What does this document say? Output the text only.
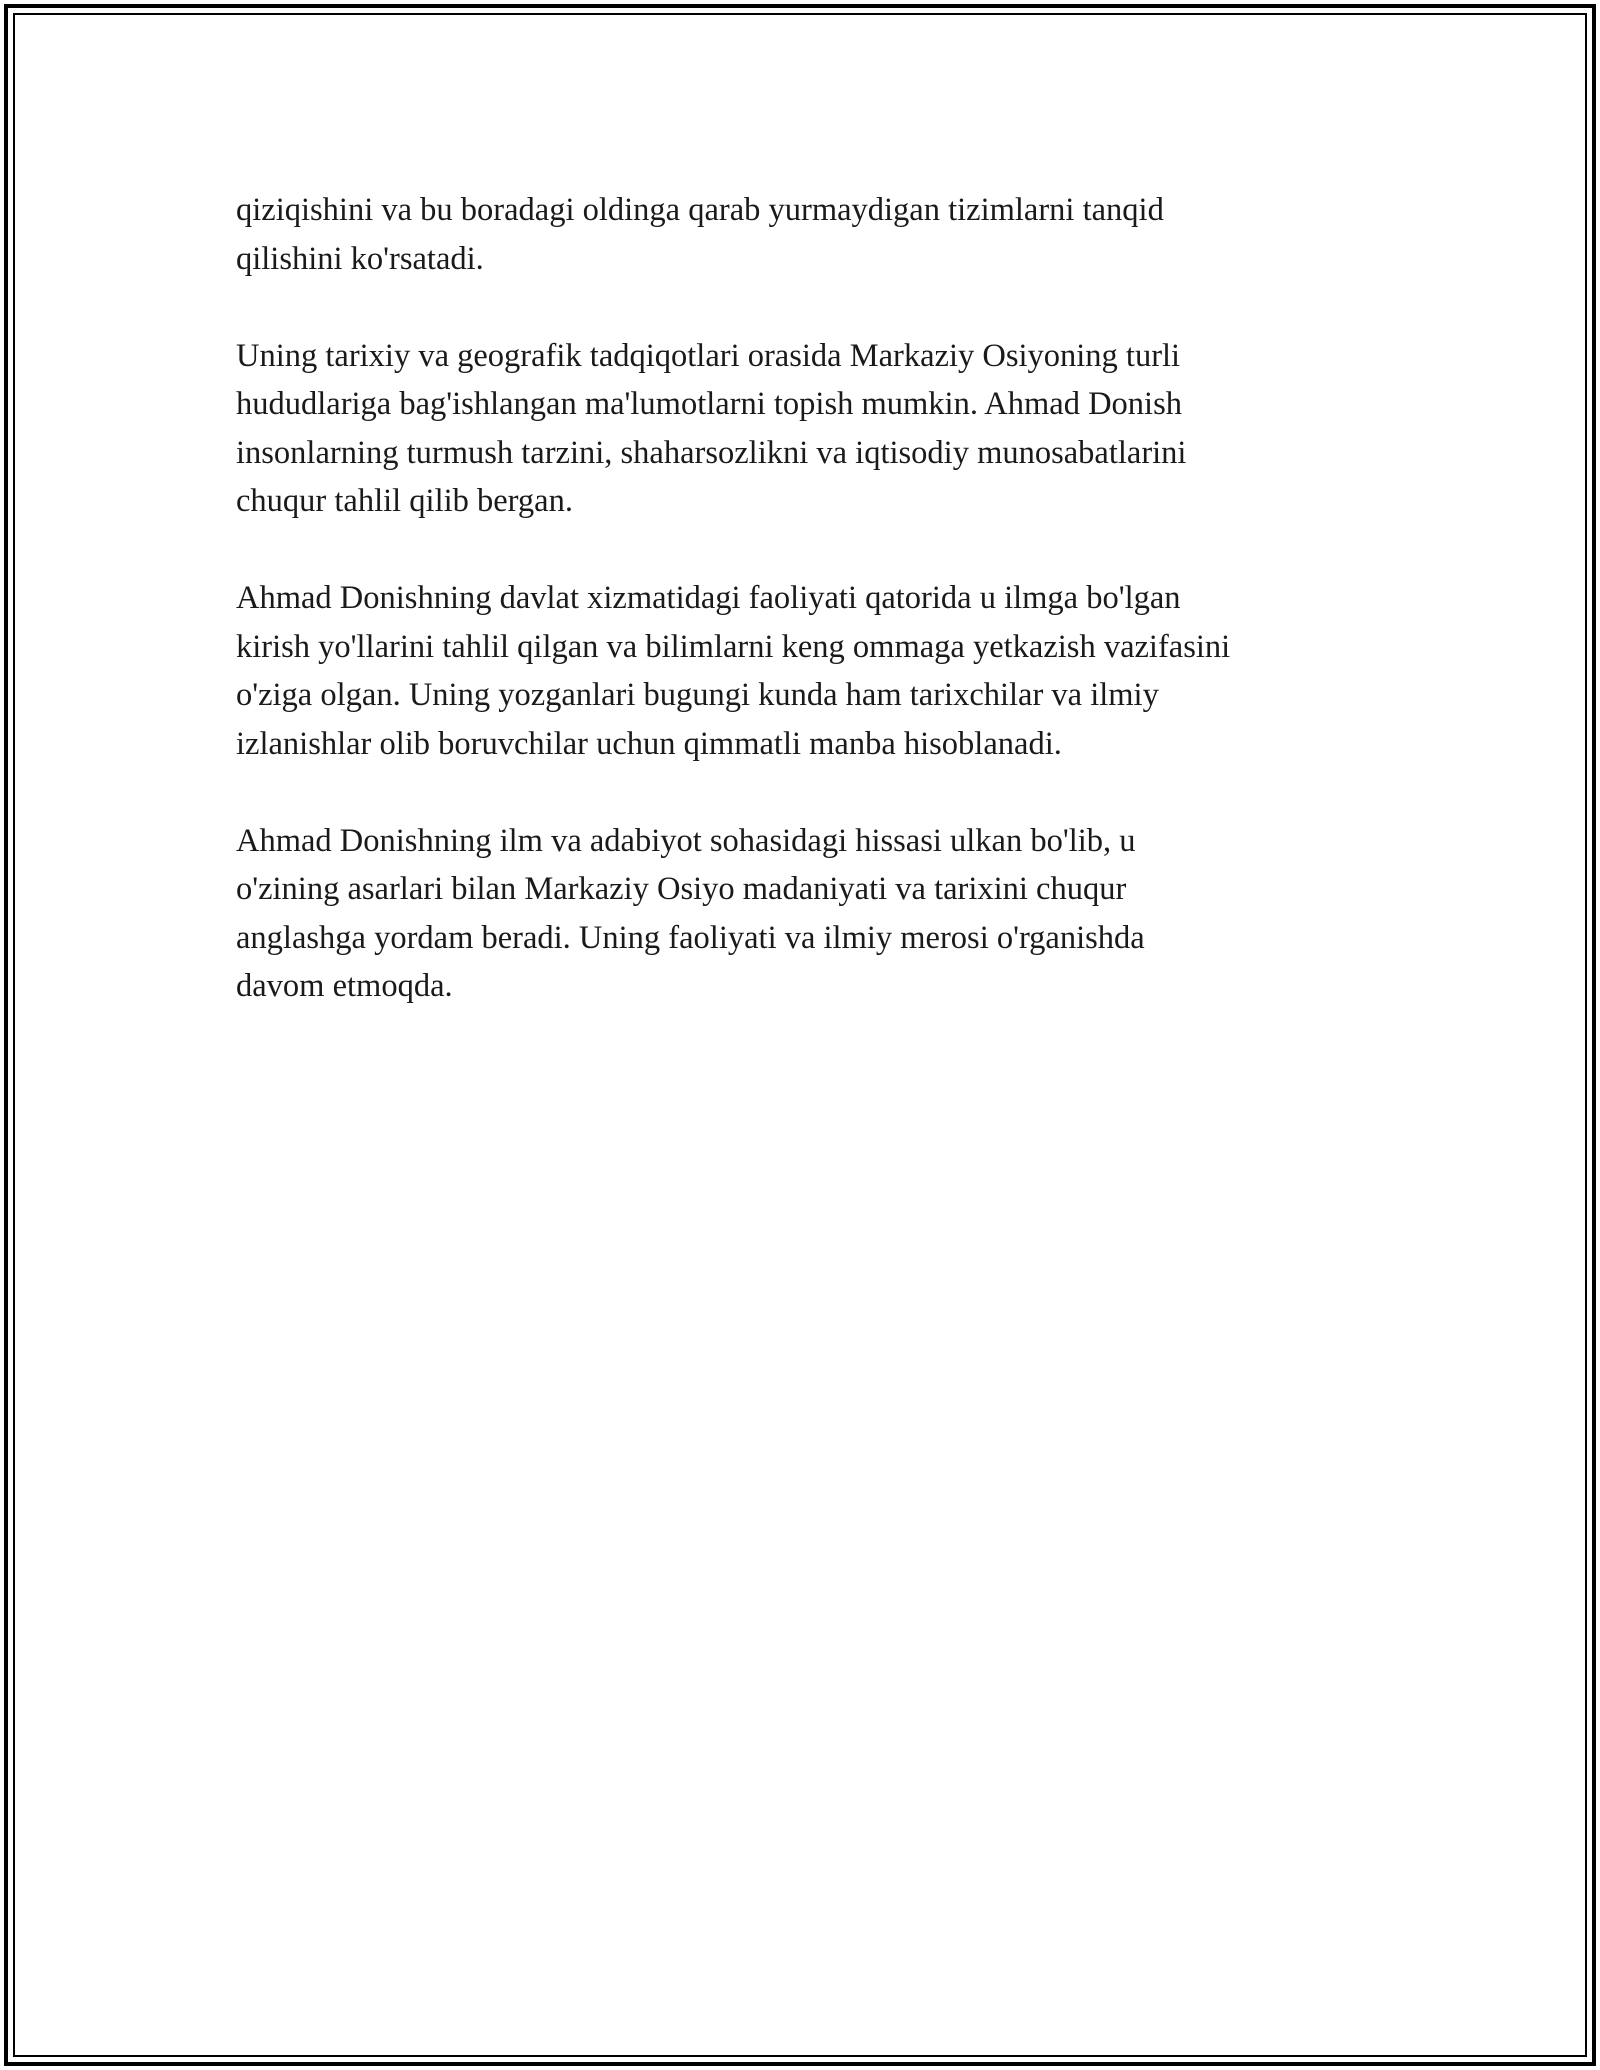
qiziqishini va bu boradagi oldinga qarab yurmaydigan tizimlarni tanqid
qilishini ko'rsatadi.

Uning tarixiy va geografik tadqiqotlari orasida Markaziy Osiyoning turli
hududlariga bag'ishlangan ma'lumotlarni topish mumkin. Ahmad Donish
insonlarning turmush tarzini, shaharsozlikni va iqtisodiy munosabatlarini
chuqur tahlil qilib bergan.

Ahmad Donishning davlat xizmatidagi faoliyati qatorida u ilmga bo'lgan
kirish yo'llarini tahlil qilgan va bilimlarni keng ommaga yetkazish vazifasini
o'ziga olgan. Uning yozganlari bugungi kunda ham tarixchilar va ilmiy
izlanishlar olib boruvchilar uchun qimmatli manba hisoblanadi.

Ahmad Donishning ilm va adabiyot sohasidagi hissasi ulkan bo'lib, u
o'zining asarlari bilan Markaziy Osiyo madaniyati va tarixini chuqur
anglashga yordam beradi. Uning faoliyati va ilmiy merosi o'rganishda
davom etmoqda.
